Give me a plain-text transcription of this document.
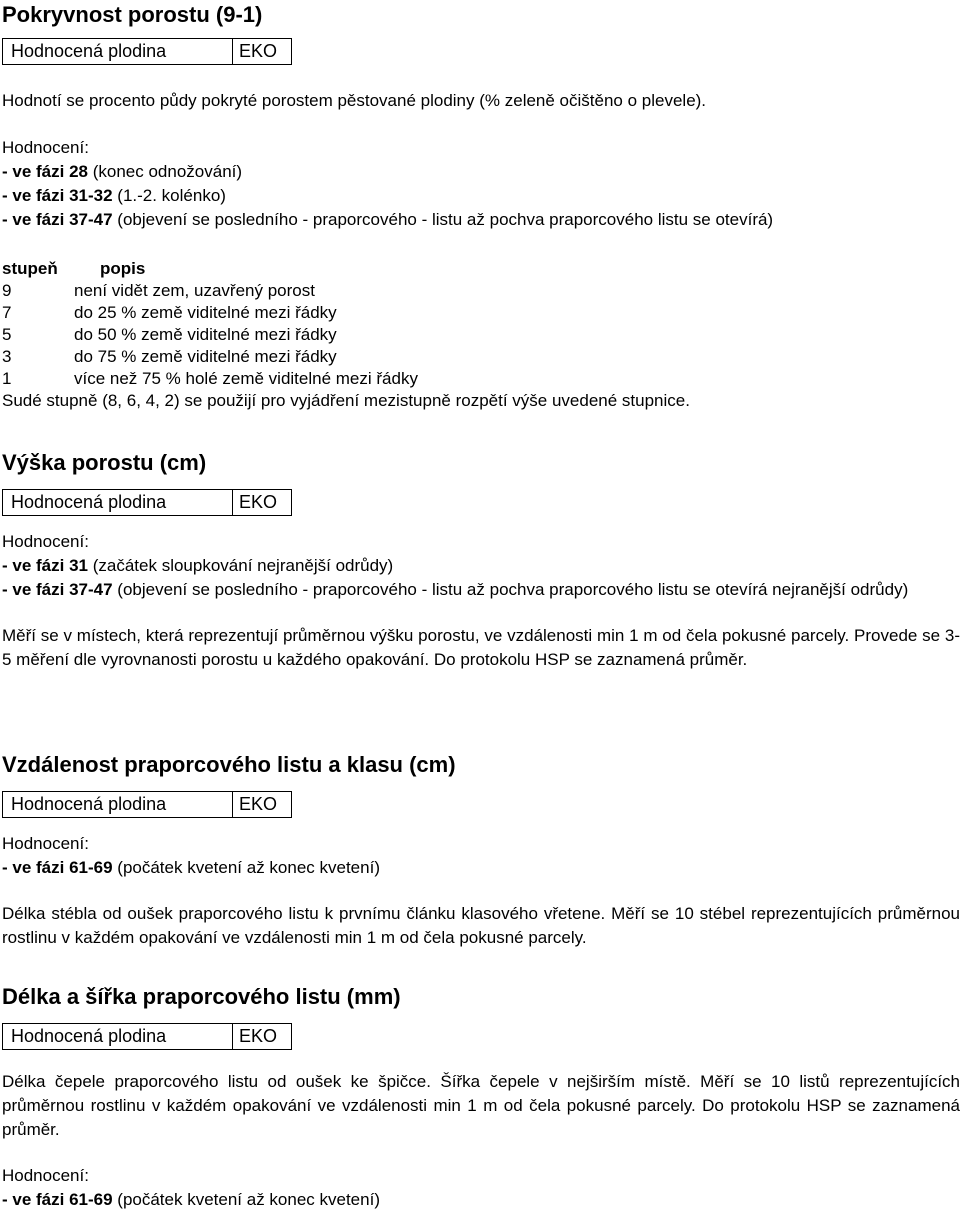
Pokryvnost porostu (9-1)
Hodnocená plodina	EKO

Hodnotí se procento půdy pokryté porostem pěstované plodiny (% zeleně očištěno o plevele).

Hodnocení:

- ve fázi 28 (konec odnožování)

- ve fázi 31-32 (1.-2. kolénko)

- ve fázi 37-47 (objevení se posledního - praporcového - listu až pochva praporcového listu se otevírá)

stupeň	popis
9	není vidět zem, uzavřený porost
7	do 25 % země viditelné mezi řádky
5	do 50 % země viditelné mezi řádky
3	do 75 % země viditelné mezi řádky
1	více než 75 % holé země viditelné mezi řádky
Sudé stupně (8, 6, 4, 2) se použijí pro vyjádření mezistupně rozpětí výše uvedené stupnice.
Výška porostu (cm)
Hodnocená plodina	EKO

Hodnocení:

- ve fázi 31 (začátek sloupkování nejranější odrůdy)

- ve fázi 37-47 (objevení se posledního - praporcového - listu až pochva praporcového listu se otevírá nejranější odrůdy)

Měří se v místech, která reprezentují průměrnou výšku porostu, ve vzdálenosti min 1 m od čela pokusné parcely. Provede se 3-5 měření dle vyrovnanosti porostu u každého opakování. Do protokolu HSP se zaznamená průměr.

Vzdálenost praporcového listu a klasu (cm)
Hodnocená plodina	EKO

Hodnocení:

- ve fázi 61-69 (počátek kvetení až konec kvetení)

Délka stébla od oušek praporcového listu k prvnímu článku klasového vřetene. Měří se 10 stébel reprezentujících průměrnou rostlinu v každém opakování ve vzdálenosti min 1 m od čela pokusné parcely.

Délka a šířka praporcového listu (mm)
Hodnocená plodina	EKO

Délka čepele praporcového listu od oušek ke špičce. Šířka čepele v nejširším místě. Měří se 10 listů reprezentujících průměrnou rostlinu v každém opakování ve vzdálenosti min 1 m od čela pokusné parcely. Do protokolu HSP se zaznamená průměr.

Hodnocení:

- ve fázi 61-69 (počátek kvetení až konec kvetení)
